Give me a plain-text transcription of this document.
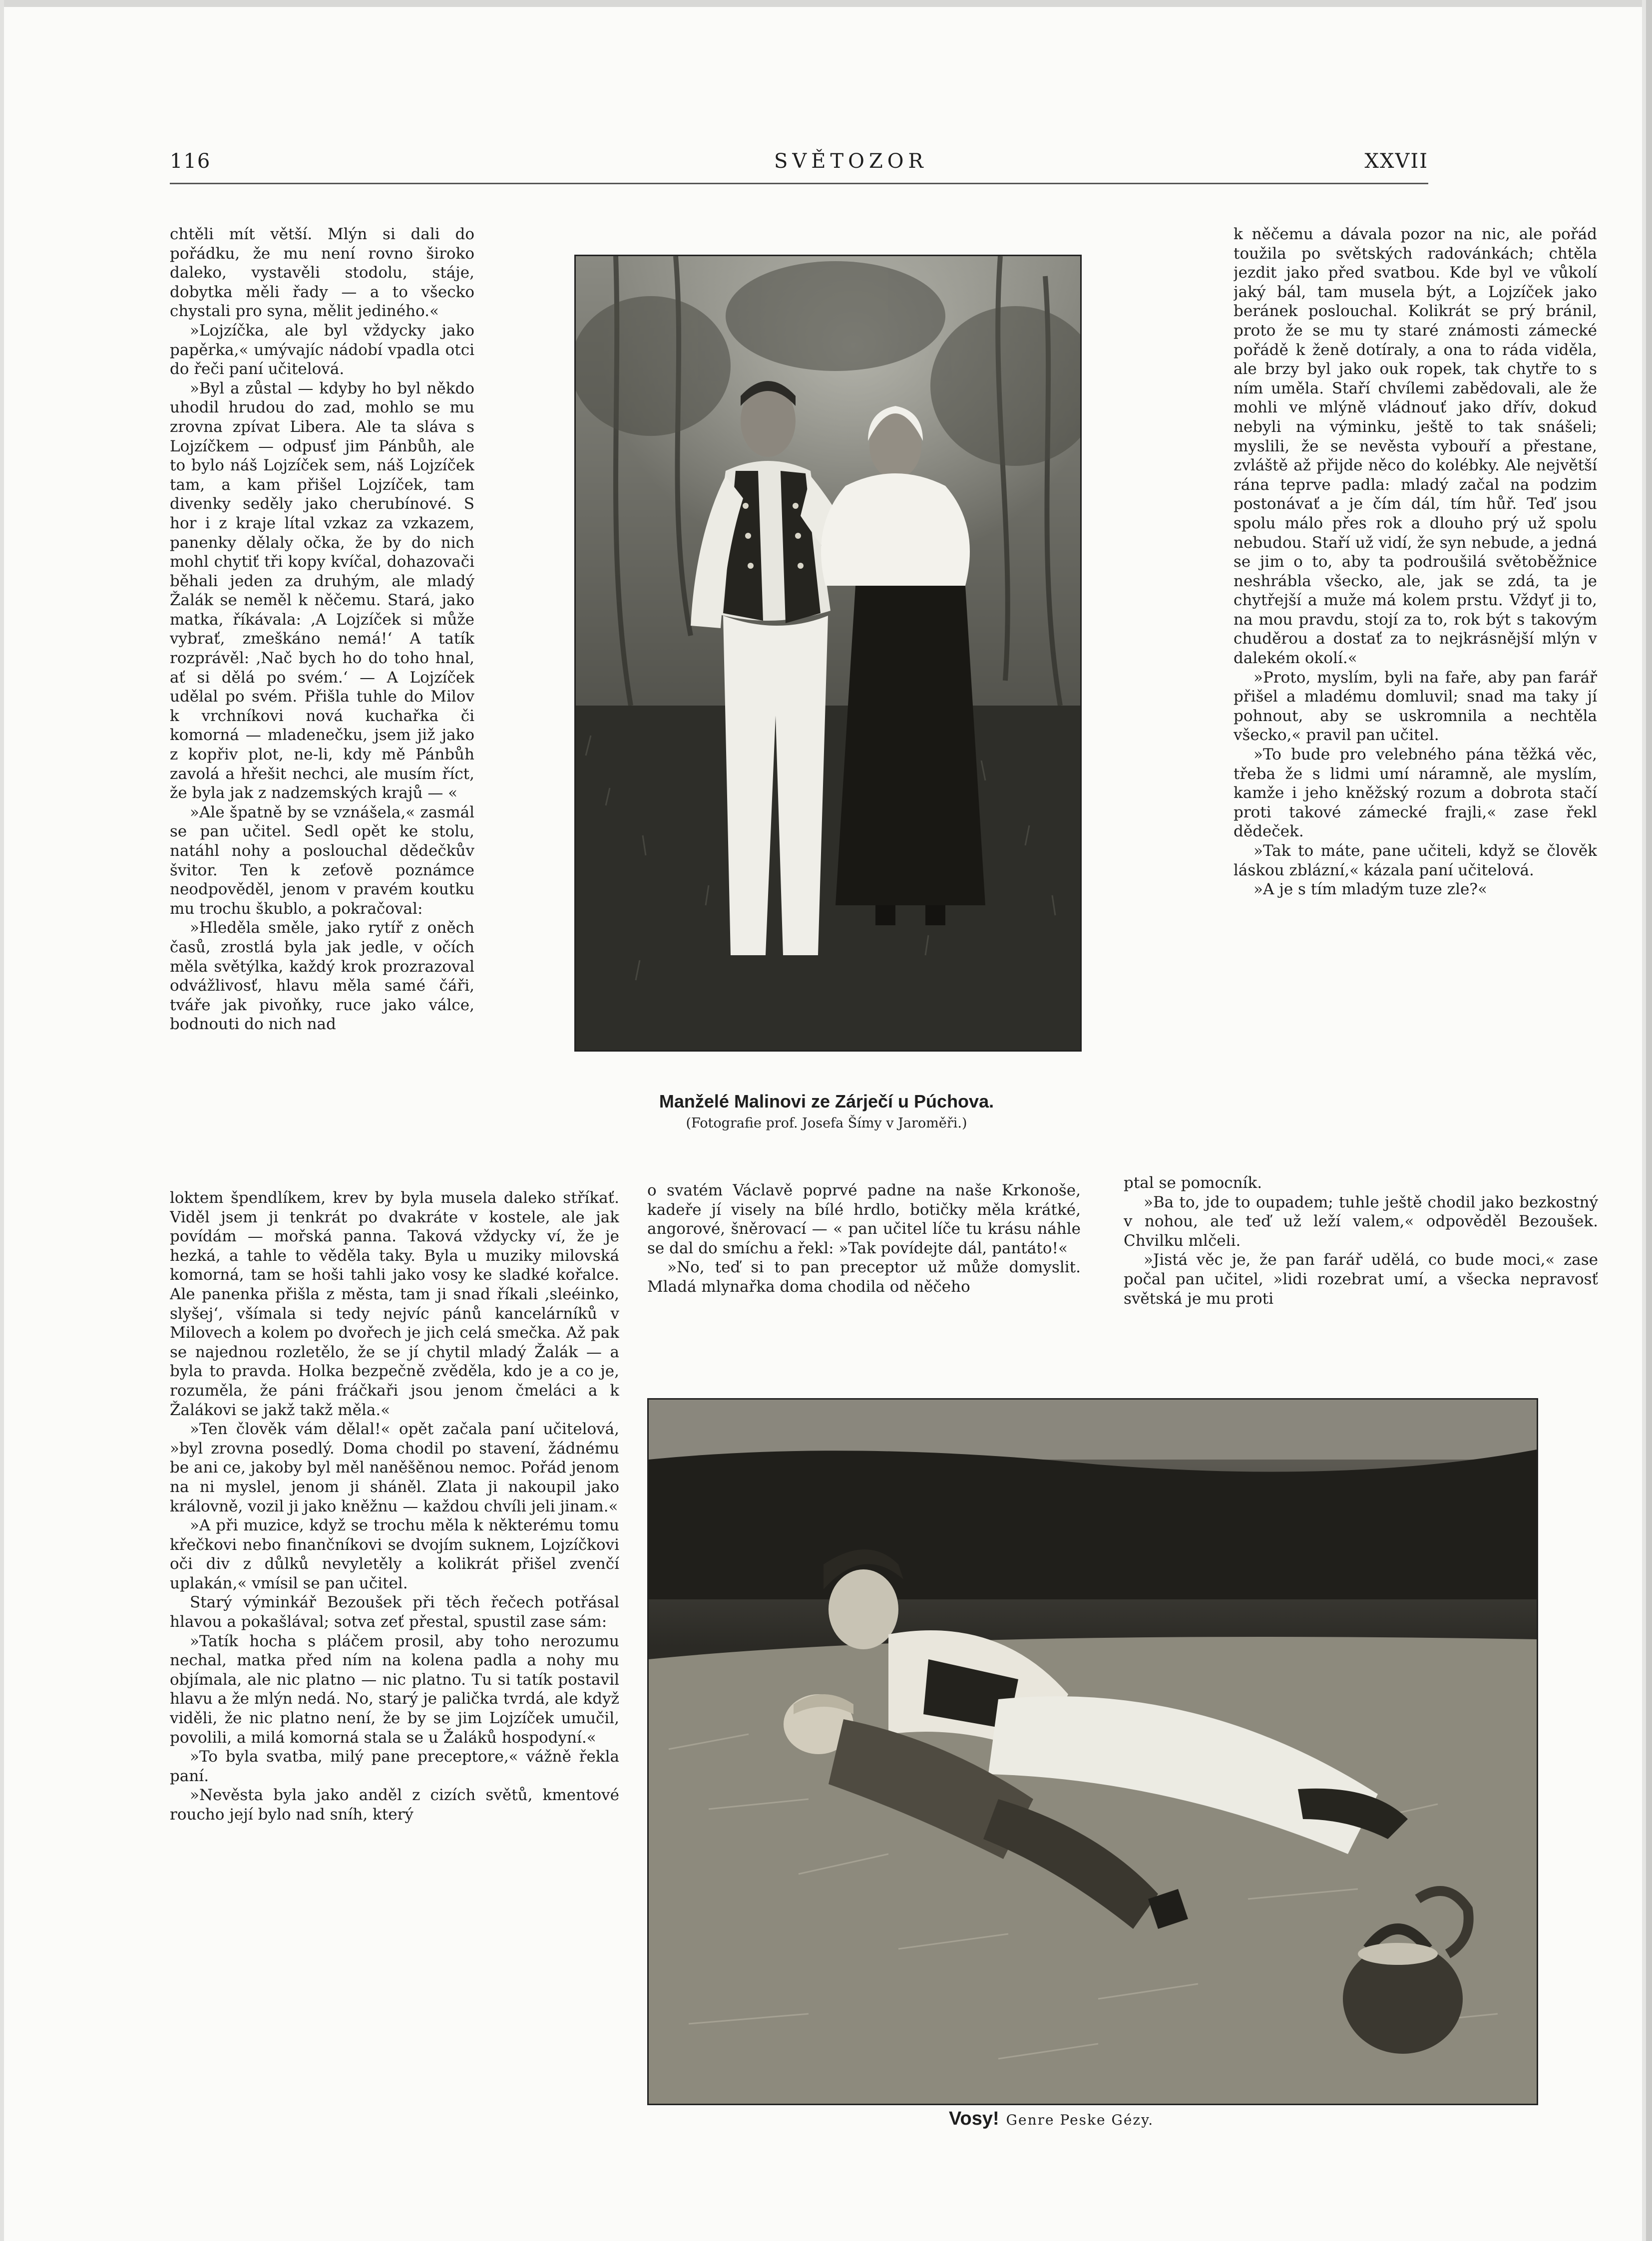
116	SVĚTOZOR	XXVII

chtěli mít větší. Mlýn si dali do pořádku, že mu není rovno široko daleko, vystavěli stodolu, stáje, dobytka měli řady — a to všecko chystali pro syna, mělit jediného.«

»Lojzíčka, ale byl vždycky jako papěrka,« umývajíc nádobí vpadla otci do řeči paní učitelová.

»Byl a zůstal — kdyby ho byl někdo uhodil hrudou do zad, mohlo se mu zrovna zpívat Libera. Ale ta sláva s Lojzíčkem — odpusť jim Pánbůh, ale to bylo náš Lojzíček sem, náš Lojzíček tam, a kam přišel Lojzíček, tam divenky seděly jako cherubínové. S hor i z kraje lítal vzkaz za vzkazem, panenky dělaly očka, že by do nich mohl chytiť tři kopy kvíčal, dohazovači běhali jeden za druhým, ale mladý Žalák se neměl k něčemu. Stará, jako matka, říkávala: ‚A Lojzíček si může vybrať, zmeškáno nemá!‘ A tatík rozprávěl: ‚Nač bych ho do toho hnal, ať si dělá po svém.‘ — A Lojzíček udělal po svém. Přišla tuhle do Milov k vrchníkovi nová kuchařka či komorná — mladenečku, jsem již jako z kopřiv plot, ne-li, kdy mě Pánbůh zavolá a hřešit nechci, ale musím říct, že byla jak z nadzemských krajů — «

»Ale špatně by se vznášela,« zasmál se pan učitel. Sedl opět ke stolu, natáhl nohy a poslouchal dědečkův švitor. Ten k zeťově poznámce neodpověděl, jenom v pravém koutku mu trochu škublo, a pokračoval:

»Hleděla směle, jako rytíř z oněch časů, zrostlá byla jak jedle, v očích měla světýlka, každý krok prozrazoval odvážlivosť, hlavu měla samé čáři, tváře jak pivoňky, ruce jako válce, bodnouti do nich nad

Manželé Malinovi ze Zárječí u Púchova.
(Fotografie prof. Josefa Šímy v Jaroměři.)

k něčemu a dávala pozor na nic, ale pořád toužila po světských radovánkách; chtěla jezdit jako před svatbou. Kde byl ve vůkolí jaký bál, tam musela být, a Lojzíček jako beránek poslouchal. Kolikrát se prý bránil, proto že se mu ty staré známosti zámecké pořádě k ženě dotíraly, a ona to ráda viděla, ale brzy byl jako ouk ropek, tak chytře to s ním uměla. Staří chvílemi zabědovali, ale že mohli ve mlýně vládnouť jako dřív, dokud nebyli na výminku, ještě to tak snášeli; myslili, že se nevěsta vybouří a přestane, zvláště až přijde něco do kolébky. Ale největší rána teprve padla: mladý začal na podzim postonávať a je čím dál, tím hůř. Teď jsou spolu málo přes rok a dlouho prý už spolu nebudou. Staří už vidí, že syn nebude, a jedná se jim o to, aby ta podroušilá světoběžnice neshrábla všecko, ale, jak se zdá, ta je chytřejší a muže má kolem prstu. Vždyť ji to, na mou pravdu, stojí za to, rok být s takovým chuděrou a dostať za to nejkrásnější mlýn v dalekém okolí.«

»Proto, myslím, byli na faře, aby pan farář přišel a mladému domluvil; snad ma taky jí pohnout, aby se uskromnila a nechtěla všecko,« pravil pan učitel.

»To bude pro velebného pána těžká věc, třeba že s lidmi umí náramně, ale myslím, kamže i jeho kněžský rozum a dobrota stačí proti takové zámecké frajli,« zase řekl dědeček.

»Tak to máte, pane učiteli, když se člověk láskou zblázní,« kázala paní učitelová.

»A je s tím mladým tuze zle?«

loktem špendlíkem, krev by byla musela daleko stříkať. Viděl jsem ji tenkrát po dvakráte v kostele, ale jak povídám — mořská panna. Taková vždycky ví, že je hezká, a tahle to věděla taky. Byla u muziky milovská komorná, tam se hoši tahli jako vosy ke sladké kořalce. Ale panenka přišla z města, tam ji snad říkali ‚sleéinko, slyšej‘, všímala si tedy nejvíc pánů kancelárníků v Milovech a kolem po dvořech je jich celá smečka. Až pak se najednou rozletělo, že se jí chytil mladý Žalák — a byla to pravda. Holka bezpečně zvěděla, kdo je a co je, rozuměla, že páni fráčkaři jsou jenom čmeláci a k Žalákovi se jakž takž měla.«

»Ten člověk vám dělal!« opět začala paní učitelová, »byl zrovna posedlý. Doma chodil po stavení, žádnému be ani ce, jakoby byl měl naněšěnou nemoc. Pořád jenom na ni myslel, jenom ji sháněl. Zlata ji nakoupil jako královně, vozil ji jako kněžnu — každou chvíli jeli jinam.«

»A při muzice, když se trochu měla k některému tomu křečkovi nebo finančníkovi se dvojím suknem, Lojzíčkovi oči div z důlků nevyletěly a kolikrát přišel zvenčí uplakán,« vmísil se pan učitel.

Starý výminkář Bezoušek při těch řečech potřásal hlavou a pokašlával; sotva zeť přestal, spustil zase sám:

»Tatík hocha s pláčem prosil, aby toho nerozumu nechal, matka před ním na kolena padla a nohy mu objímala, ale nic platno — nic platno. Tu si tatík postavil hlavu a že mlýn nedá. No, starý je palička tvrdá, ale když viděli, že nic platno není, že by se jim Lojzíček umučil, povolili, a milá komorná stala se u Žaláků hospodyní.«

»To byla svatba, milý pane preceptore,« vážně řekla paní.

»Nevěsta byla jako anděl z cizích světů, kmentové roucho její bylo nad sníh, který

o svatém Václavě poprvé padne na naše Krkonoše, kadeře jí visely na bílé hrdlo, botičky měla krátké, angorové, šněrovací — « pan učitel líče tu krásu náhle se dal do smíchu a řekl: »Tak povídejte dál, pantáto!«

»No, teď si to pan preceptor už může domyslit. Mladá mlynařka doma chodila od něčeho

ptal se pomocník.

»Ba to, jde to oupadem; tuhle ještě chodil jako bezkostný v nohou, ale teď už leží valem,« odpověděl Bezoušek. Chvilku mlčeli.

»Jistá věc je, že pan farář udělá, co bude moci,« zase počal pan učitel, »lidi rozebrat umí, a všecka nepravosť světská je mu proti

Vosy! Genre Peske Gézy.
